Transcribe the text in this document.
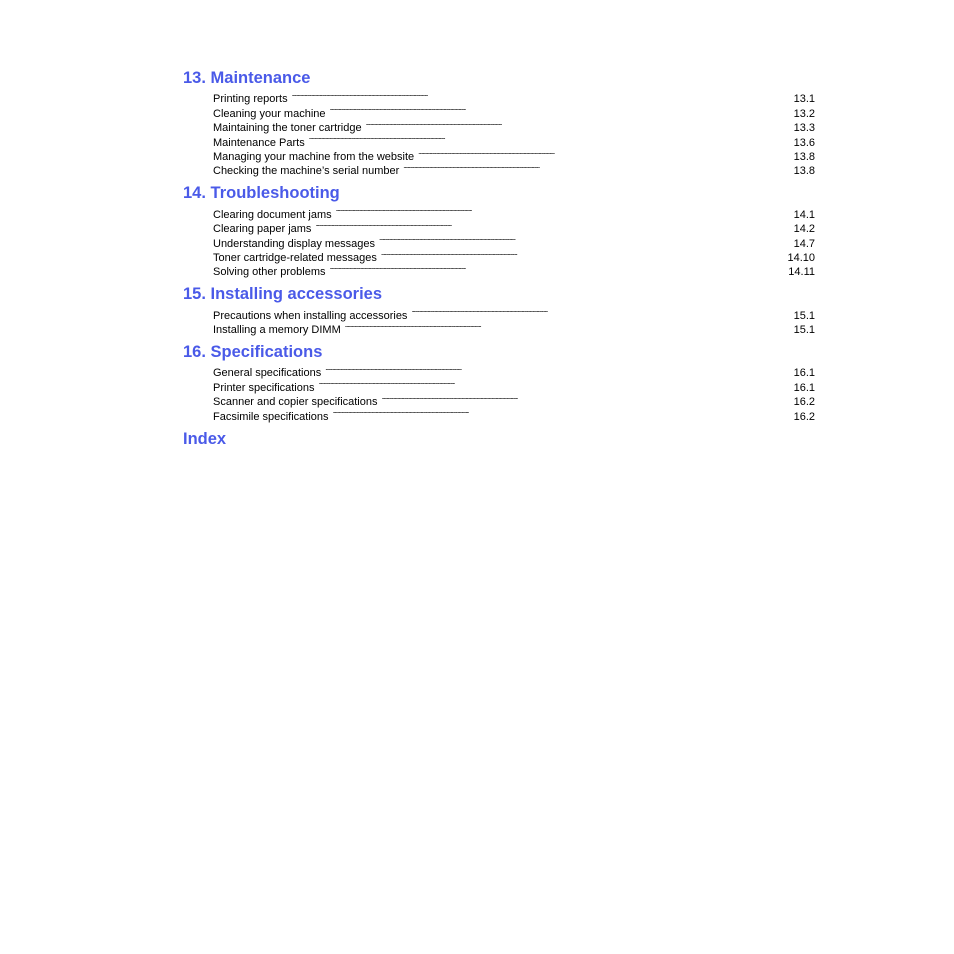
13. Maintenance
Printing reports . . .	13.1
Cleaning your machine . . .	13.2
Maintaining the toner cartridge . . .	13.3
Maintenance Parts . . .	13.6
Managing your machine from the website . . .	13.8
Checking the machine’s serial number . . .	13.8
14. Troubleshooting
Clearing document jams . . .	14.1
Clearing paper jams . . .	14.2
Understanding display messages . . .	14.7
Toner cartridge-related messages . . .	14.10
Solving other problems . . .	14.11
15. Installing accessories
Precautions when installing accessories . . .	15.1
Installing a memory DIMM . . .	15.1
16. Specifications
General specifications . . .	16.1
Printer specifications . . .	16.1
Scanner and copier specifications . . .	16.2
Facsimile specifications . . .	16.2
Index
